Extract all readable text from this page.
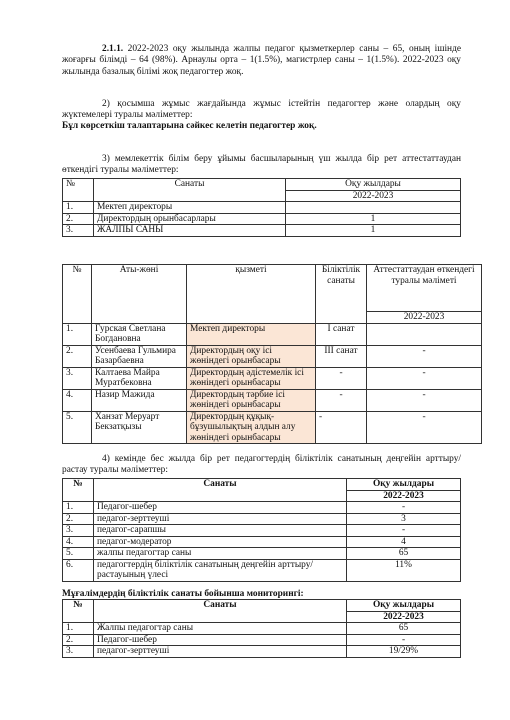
2.1.1. 2022-2023 оқу жылында жалпы педагог қызметкерлер саны – 65, оның ішінде жоғарғы білімді – 64 (98%). Арнаулы орта – 1(1.5%), магистрлер саны – 1(1.5%). 2022-2023 оқу жылында базалық білімі жоқ педагогтер жоқ.

2) қосымша жұмыс жағдайында жұмыс істейтін педагогтер және олардың оқу жүктемелері туралы мәліметтер:

Бұл көрсеткіш талаптарына сәйкес келетін педагогтер жоқ.

3) мемлекеттік білім беру ұйымы басшыларының үш жылда бір рет аттестаттаудан өткендігі туралы мәліметтер:

№	Санаты	Оқу жылдары
		2022-2023
1.	Мектеп директоры	
2.	Директордың орынбасарлары	1
3.	ЖАЛПЫ САНЫ	1
№	Аты-жөні	қызметі	Біліктілік санаты	Аттестаттаудан өткендегі туралы мәліметі
				2022-2023
1.	Гурская Светлана Богдановна	Мектеп директоры	І санат	
2.	Усенбаева Гульмира Базарбаевна	Директордың оқу ісі жөніндегі орынбасары	ІІІ санат	-
3.	Калтаева Майра Муратбековна	Директордың әдістемелік ісі жөніндегі орынбасары	-	-
4.	Назир Мажида	Директордың тәрбие ісі жөніндегі орынбасары	-	-
5.	Ханзат Меруарт Бекзатқызы	Директордың құқық-бұзушылықтың алдын алу жөніндегі орынбасары	-	-

4) кемінде бес жылда бір рет педагогтердің біліктілік санатының деңгейін арттыру/растау туралы мәліметтер:

№	Санаты	Оқу жылдары
		2022-2023
1.	Педагог-шебер	-
2.	педагог-зерттеуші	3
3.	педагог-сарапшы	-
4.	педагог-модератор	4
5.	жалпы педагогтар саны	65
6.	педагогтердің біліктілік санатының деңгейін арттыру/растауының үлесі	11%

Мұғалімдердің біліктілік санаты бойынша мониторингі:

№	Санаты	Оқу жылдары
		2022-2023
1.	Жалпы педагогтар саны	65
2.	Педагог-шебер	-
3.	педагог-зерттеуші	19/29%
